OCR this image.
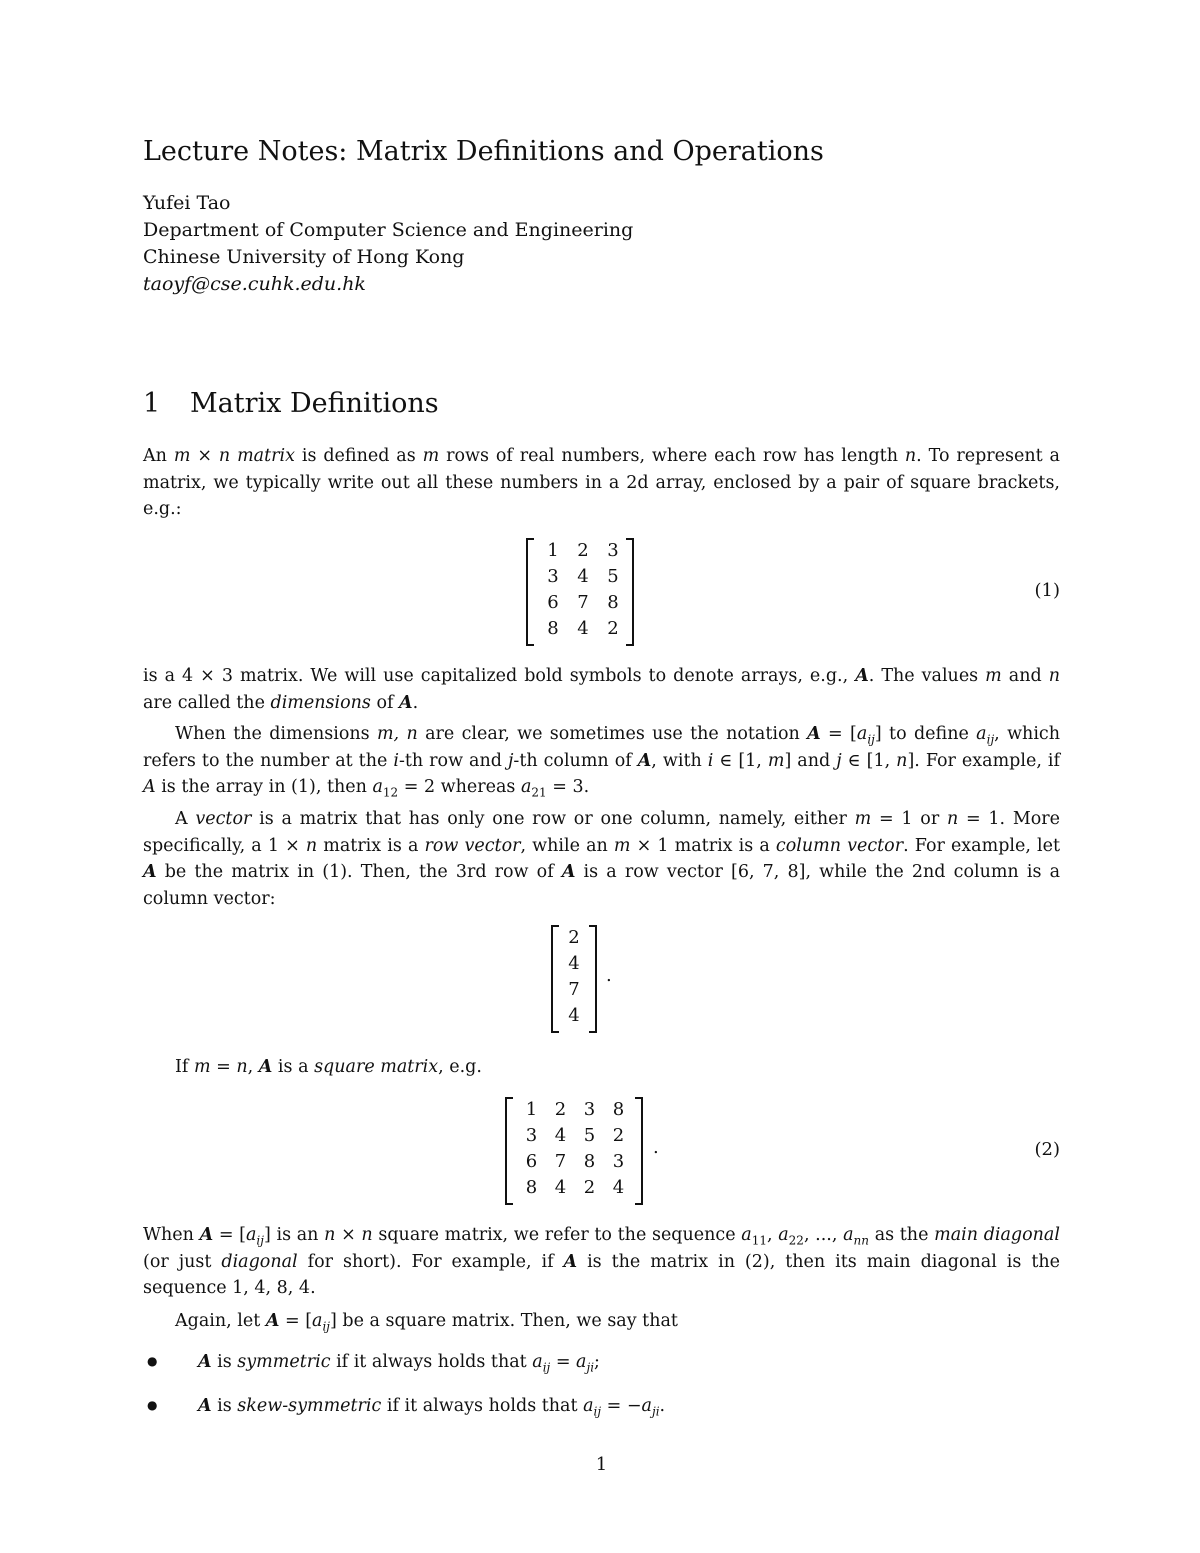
Lecture Notes: Matrix Definitions and Operations
Yufei Tao
Department of Computer Science and Engineering
Chinese University of Hong Kong
taoyf@cse.cuhk.edu.hk
1 Matrix Definitions

An m × n matrix is defined as m rows of real numbers, where each row has length n. To represent a matrix, we typically write out all these numbers in a 2d array, enclosed by a pair of square brackets, e.g.:

1	2	3
3	4	5
6	7	8
8	4	2
(1)

is a 4 × 3 matrix. We will use capitalized bold symbols to denote arrays, e.g., A. The values m and n are called the dimensions of A.

When the dimensions m, n are clear, we sometimes use the notation $A = [a_{ij}]$ to define $a_{ij}$, which refers to the number at the i-th row and j-th column of A, with i ∈ [1, m] and j ∈ [1, n]. For example, if A is the array in (1), then $a_{12} = 2$ whereas $a_{21} = 3$.

A vector is a matrix that has only one row or one column, namely, either m = 1 or n = 1. More specifically, a 1 × n matrix is a row vector, while an m × 1 matrix is a column vector. For example, let A be the matrix in (1). Then, the 3rd row of A is a row vector [6, 7, 8], while the 2nd column is a column vector:

2
4
7
4
.

If m = n, A is a square matrix, e.g.

1 2 3 8
3 4 5 2
6 7 8 3
8 4 2 4
.	(2)

When $A = [a_{ij}]$ is an n × n square matrix, we refer to the sequence $a_{11}$, $a_{22}$, ..., $a_{nn}$ as the main diagonal (or just diagonal for short). For example, if A is the matrix in (2), then its main diagonal is the sequence 1, 4, 8, 4.

Again, let $A = [a_{ij}]$ be a square matrix. Then, we say that

● A is symmetric if it always holds that $a_{ij} = a_{ji}$;

● A is skew-symmetric if it always holds that $a_{ij} = -a_{ji}$.

1
